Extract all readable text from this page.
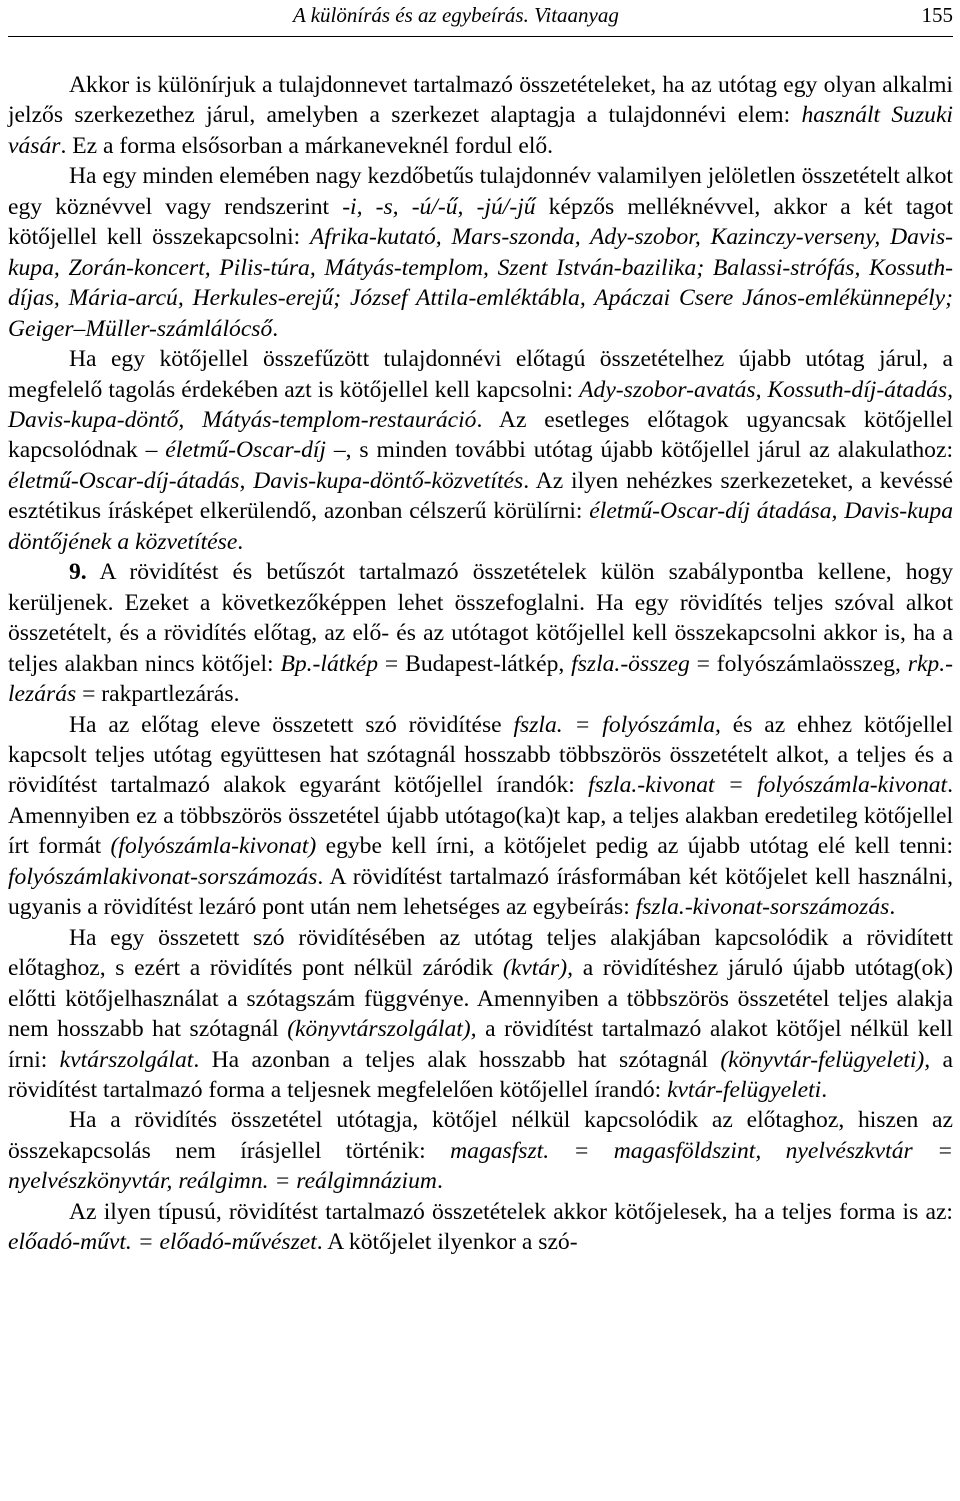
A különírás és az egybeírás. Vitaanyag	155

Akkor is különírjuk a tulajdonnevet tartalmazó összetételeket, ha az utótag egy olyan alkalmi jelzős szerkezethez járul, amelyben a szerkezet alaptagja a tulajdonnévi elem: használt Suzuki vásár. Ez a forma elsősorban a márkaneveknél fordul elő.

Ha egy minden elemében nagy kezdőbetűs tulajdonnév valamilyen jelöletlen összetételt alkot egy köznévvel vagy rendszerint -i, -s, -ú/-ű, -jú/-jű képzős melléknévvel, akkor a két tagot kötőjellel kell összekapcsolni: Afrika-kutató, Mars-szonda, Ady-szobor, Kazinczy-verseny, Davis-kupa, Zorán-koncert, Pilis-túra, Mátyás-templom, Szent István-bazilika; Balassi-strófás, Kossuth-díjas, Mária-arcú, Herkules-erejű; József Attila-emléktábla, Apáczai Csere János-emlékünnepély; Geiger–Müller-számlálócső.

Ha egy kötőjellel összefűzött tulajdonnévi előtagú összetételhez újabb utótag járul, a megfelelő tagolás érdekében azt is kötőjellel kell kapcsolni: Ady-szobor-avatás, Kossuth-díj-átadás, Davis-kupa-döntő, Mátyás-templom-restauráció. Az esetleges előtagok ugyancsak kötőjellel kapcsolódnak – életmű-Oscar-díj –, s minden további utótag újabb kötőjellel járul az alakulathoz: életmű-Oscar-díj-átadás, Davis-kupa-döntő-közvetítés. Az ilyen nehézkes szerkezeteket, a kevéssé esztétikus írásképet elkerülendő, azonban célszerű körülírni: életmű-Oscar-díj átadása, Davis-kupa döntőjének a közvetítése.

9. A rövidítést és betűszót tartalmazó összetételek külön szabálypontba kellene, hogy kerüljenek. Ezeket a következőképpen lehet összefoglalni. Ha egy rövidítés teljes szóval alkot összetételt, és a rövidítés előtag, az elő- és az utótagot kötőjellel kell összekapcsolni akkor is, ha a teljes alakban nincs kötőjel: Bp.-látkép = Budapest-látkép, fszla.-összeg = folyószámlaösszeg, rkp.-lezárás = rakpartlezárás.

Ha az előtag eleve összetett szó rövidítése fszla. = folyószámla, és az ehhez kötőjellel kapcsolt teljes utótag együttesen hat szótagnál hosszabb többszörös összetételt alkot, a teljes és a rövidítést tartalmazó alakok egyaránt kötőjellel írandók: fszla.-kivonat = folyószámla-kivonat. Amennyiben ez a többszörös összetétel újabb utótago(ka)t kap, a teljes alakban eredetileg kötőjellel írt formát (folyószámla-kivonat) egybe kell írni, a kötőjelet pedig az újabb utótag elé kell tenni: folyószámlakivonat-sorszámozás. A rövidítést tartalmazó írásformában két kötőjelet kell használni, ugyanis a rövidítést lezáró pont után nem lehetséges az egybeírás: fszla.-kivonat-sorszámozás.

Ha egy összetett szó rövidítésében az utótag teljes alakjában kapcsolódik a rövidített előtaghoz, s ezért a rövidítés pont nélkül záródik (kvtár), a rövidítéshez járuló újabb utótag(ok) előtti kötőjelhasználat a szótagszám függvénye. Amennyiben a többszörös összetétel teljes alakja nem hosszabb hat szótagnál (könyvtárszolgálat), a rövidítést tartalmazó alakot kötőjel nélkül kell írni: kvtárszolgálat. Ha azonban a teljes alak hosszabb hat szótagnál (könyvtár-felügyeleti), a rövidítést tartalmazó forma a teljesnek megfelelően kötőjellel írandó: kvtár-felügyeleti.

Ha a rövidítés összetétel utótagja, kötőjel nélkül kapcsolódik az előtaghoz, hiszen az összekapcsolás nem írásjellel történik: magasfszt. = magasföldszint, nyelvészkvtár = nyelvészkönyvtár, reálgimn. = reálgimnázium.

Az ilyen típusú, rövidítést tartalmazó összetételek akkor kötőjelesek, ha a teljes forma is az: előadó-művt. = előadó-művészet. A kötőjelet ilyenkor a szó-
